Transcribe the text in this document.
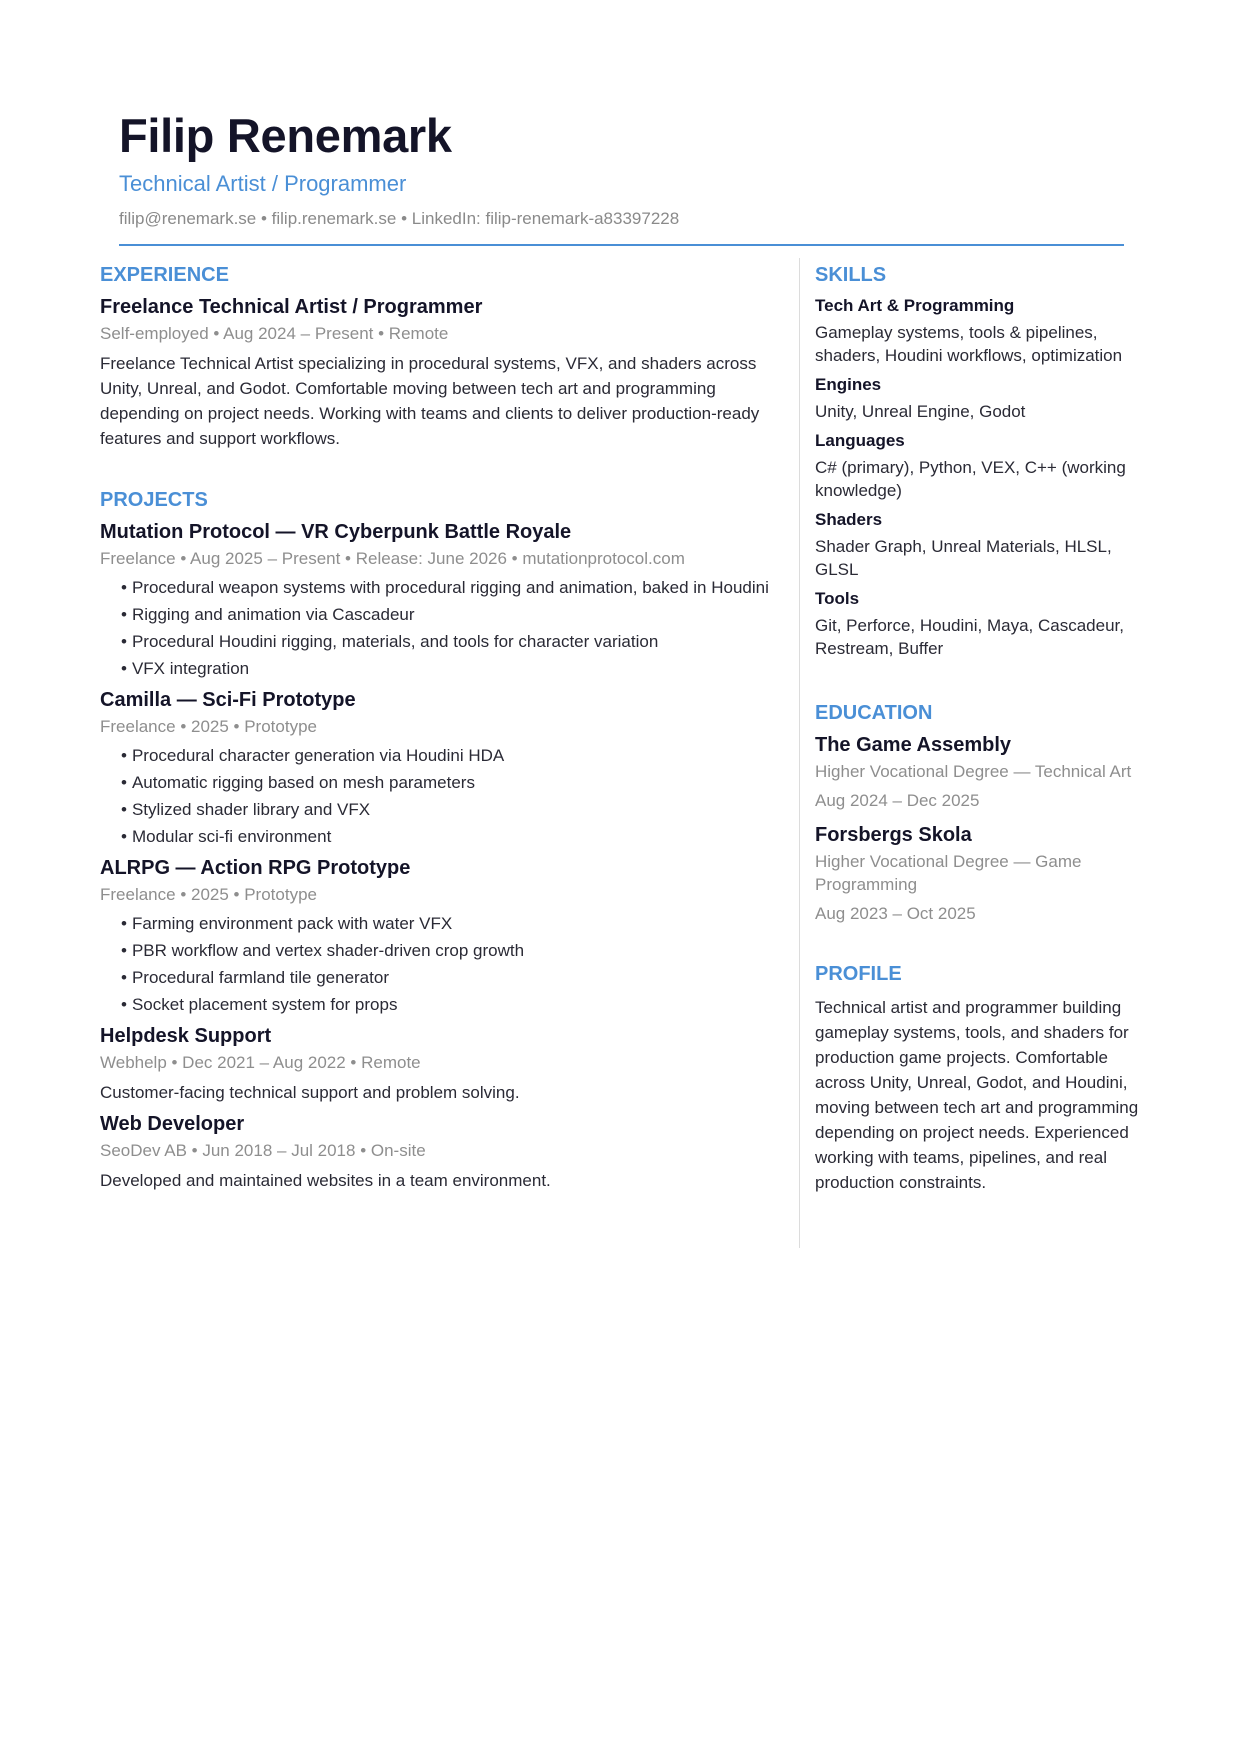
Filip Renemark
Technical Artist / Programmer
filip@renemark.se • filip.renemark.se • LinkedIn: filip-renemark-a83397228
EXPERIENCE
Freelance Technical Artist / Programmer
Self-employed • Aug 2024 – Present • Remote
Freelance Technical Artist specializing in procedural systems, VFX, and shaders across Unity, Unreal, and Godot. Comfortable moving between tech art and programming depending on project needs. Working with teams and clients to deliver production-ready features and support workflows.
PROJECTS
Mutation Protocol — VR Cyberpunk Battle Royale
Freelance • Aug 2025 – Present • Release: June 2026 • mutationprotocol.com
• Procedural weapon systems with procedural rigging and animation, baked in Houdini
• Rigging and animation via Cascadeur
• Procedural Houdini rigging, materials, and tools for character variation
• VFX integration
Camilla — Sci-Fi Prototype
Freelance • 2025 • Prototype
• Procedural character generation via Houdini HDA
• Automatic rigging based on mesh parameters
• Stylized shader library and VFX
• Modular sci-fi environment
ALRPG — Action RPG Prototype
Freelance • 2025 • Prototype
• Farming environment pack with water VFX
• PBR workflow and vertex shader-driven crop growth
• Procedural farmland tile generator
• Socket placement system for props
Helpdesk Support
Webhelp • Dec 2021 – Aug 2022 • Remote
Customer-facing technical support and problem solving.
Web Developer
SeoDev AB • Jun 2018 – Jul 2018 • On-site
Developed and maintained websites in a team environment.
SKILLS
Tech Art & Programming
Gameplay systems, tools & pipelines, shaders, Houdini workflows, optimization
Engines
Unity, Unreal Engine, Godot
Languages
C# (primary), Python, VEX, C++ (working knowledge)
Shaders
Shader Graph, Unreal Materials, HLSL, GLSL
Tools
Git, Perforce, Houdini, Maya, Cascadeur, Restream, Buffer
EDUCATION
The Game Assembly
Higher Vocational Degree — Technical Art
Aug 2024 – Dec 2025
Forsbergs Skola
Higher Vocational Degree — Game Programming
Aug 2023 – Oct 2025
PROFILE
Technical artist and programmer building gameplay systems, tools, and shaders for production game projects. Comfortable across Unity, Unreal, Godot, and Houdini, moving between tech art and programming depending on project needs. Experienced working with teams, pipelines, and real production constraints.
